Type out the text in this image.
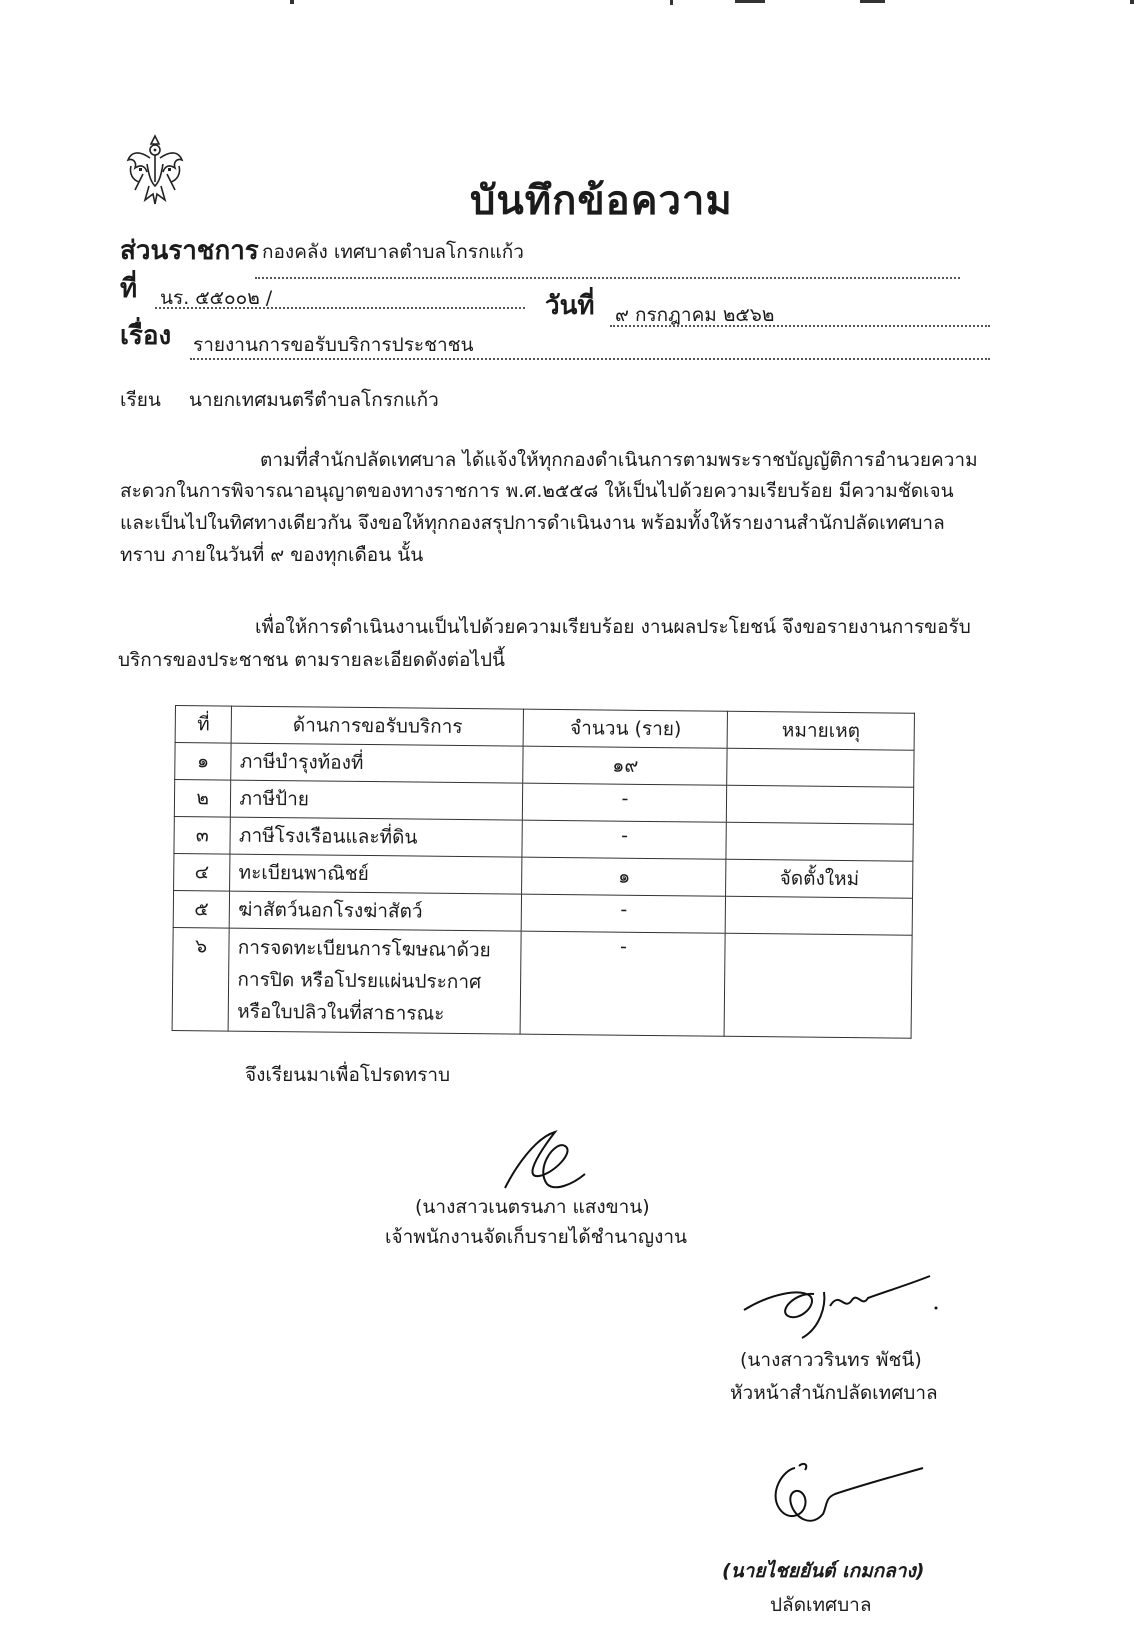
บันทึกข้อความ
ส่วนราชการ กองคลัง เทศบาลตำบลโกรกแก้ว
ที่ นร. ๕๕๐๐๒ /	วันที่ ๙ กรกฎาคม ๒๕๖๒
เรื่อง รายงานการขอรับบริการประชาชน
เรียน นายกเทศมนตรีตำบลโกรกแก้ว
ตามที่สำนักปลัดเทศบาล ได้แจ้งให้ทุกกองดำเนินการตามพระราชบัญญัติการอำนวยความ
สะดวกในการพิจารณาอนุญาตของทางราชการ พ.ศ.๒๕๕๘ ให้เป็นไปด้วยความเรียบร้อย มีความชัดเจน
และเป็นไปในทิศทางเดียวกัน จึงขอให้ทุกกองสรุปการดำเนินงาน พร้อมทั้งให้รายงานสำนักปลัดเทศบาล
ทราบ ภายในวันที่ ๙ ของทุกเดือน นั้น
เพื่อให้การดำเนินงานเป็นไปด้วยความเรียบร้อย งานผลประโยชน์ จึงขอรายงานการขอรับ
บริการของประชาชน ตามรายละเอียดดังต่อไปนี้
ที่	ด้านการขอรับบริการ	จำนวน (ราย)	หมายเหตุ
๑	ภาษีบำรุงท้องที่	๑๙	
๒	ภาษีป้าย	-	
๓	ภาษีโรงเรือนและที่ดิน	-	
๔	ทะเบียนพาณิชย์	๑	จัดตั้งใหม่
๕	ฆ่าสัตว์นอกโรงฆ่าสัตว์	-	
๖	การจดทะเบียนการโฆษณาด้วย
การปิด หรือโปรยแผ่นประกาศ
หรือใบปลิวในที่สาธารณะ	-	
จึงเรียนมาเพื่อโปรดทราบ
(นางสาวเนตรนภา แสงขาน)
เจ้าพนักงานจัดเก็บรายได้ชำนาญงาน
(นางสาววรินทร พัชนี)
หัวหน้าสำนักปลัดเทศบาล
(นายไชยยันต์ เกมกลาง)
ปลัดเทศบาล
